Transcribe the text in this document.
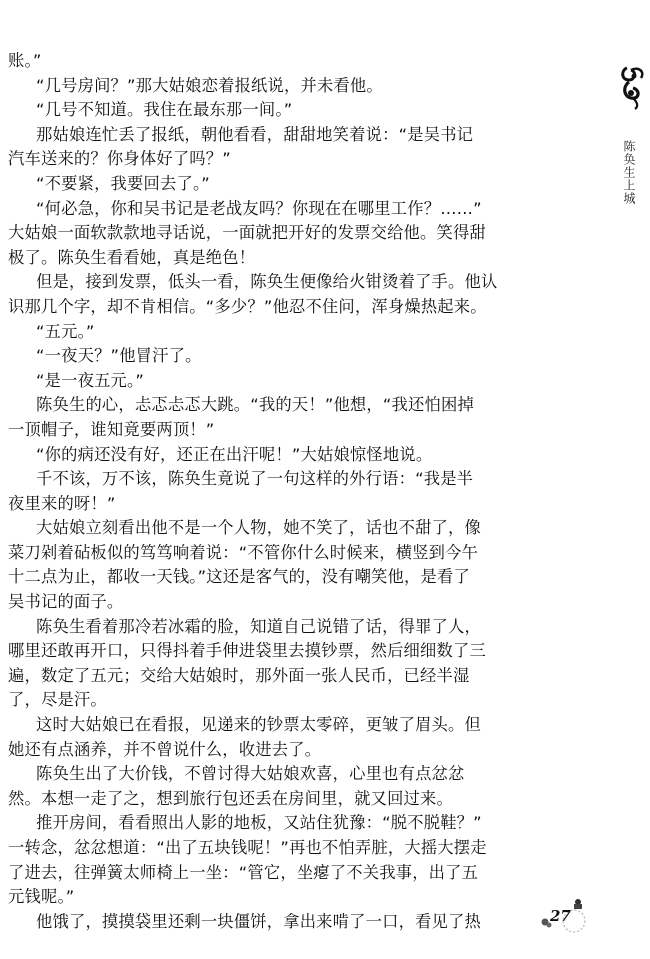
账。”
“几号房间？”那大姑娘恋着报纸说，并未看他。
“几号不知道。我住在最东那一间。”
那姑娘连忙丢了报纸，朝他看看，甜甜地笑着说：“是吴书记
汽车送来的？你身体好了吗？”
“不要紧，我要回去了。”
“何必急，你和吴书记是老战友吗？你现在在哪里工作？……”
大姑娘一面软款款地寻话说，一面就把开好的发票交给他。笑得甜
极了。陈奂生看看她，真是绝色！
但是，接到发票，低头一看，陈奂生便像给火钳烫着了手。他认
识那几个字，却不肯相信。“多少？”他忍不住问，浑身燥热起来。
“五元。”
“一夜天？”他冒汗了。
“是一夜五元。”
陈奂生的心，忐忑忐忑大跳。“我的天！”他想，“我还怕困掉
一顶帽子，谁知竟要两顶！”
“你的病还没有好，还正在出汗呢！”大姑娘惊怪地说。
千不该，万不该，陈奂生竟说了一句这样的外行语：“我是半
夜里来的呀！”
大姑娘立刻看出他不是一个人物，她不笑了，话也不甜了，像
菜刀剁着砧板似的笃笃响着说：“不管你什么时候来，横竖到今午
十二点为止，都收一天钱。”这还是客气的，没有嘲笑他，是看了
吴书记的面子。
陈奂生看着那冷若冰霜的脸，知道自己说错了话，得罪了人，
哪里还敢再开口，只得抖着手伸进袋里去摸钞票，然后细细数了三
遍，数定了五元；交给大姑娘时，那外面一张人民币，已经半湿
了，尽是汗。
这时大姑娘已在看报，见递来的钞票太零碎，更皱了眉头。但
她还有点涵养，并不曾说什么，收进去了。
陈奂生出了大价钱，不曾讨得大姑娘欢喜，心里也有点忿忿
然。本想一走了之，想到旅行包还丢在房间里，就又回过来。
推开房间，看看照出人影的地板，又站住犹豫：“脱不脱鞋？”
一转念，忿忿想道：“出了五块钱呢！”再也不怕弄脏，大摇大摆走
了进去，往弹簧太师椅上一坐：“管它，坐瘪了不关我事，出了五
元钱呢。”
他饿了，摸摸袋里还剩一块僵饼，拿出来啃了一口，看见了热
陈奂生上城
27
